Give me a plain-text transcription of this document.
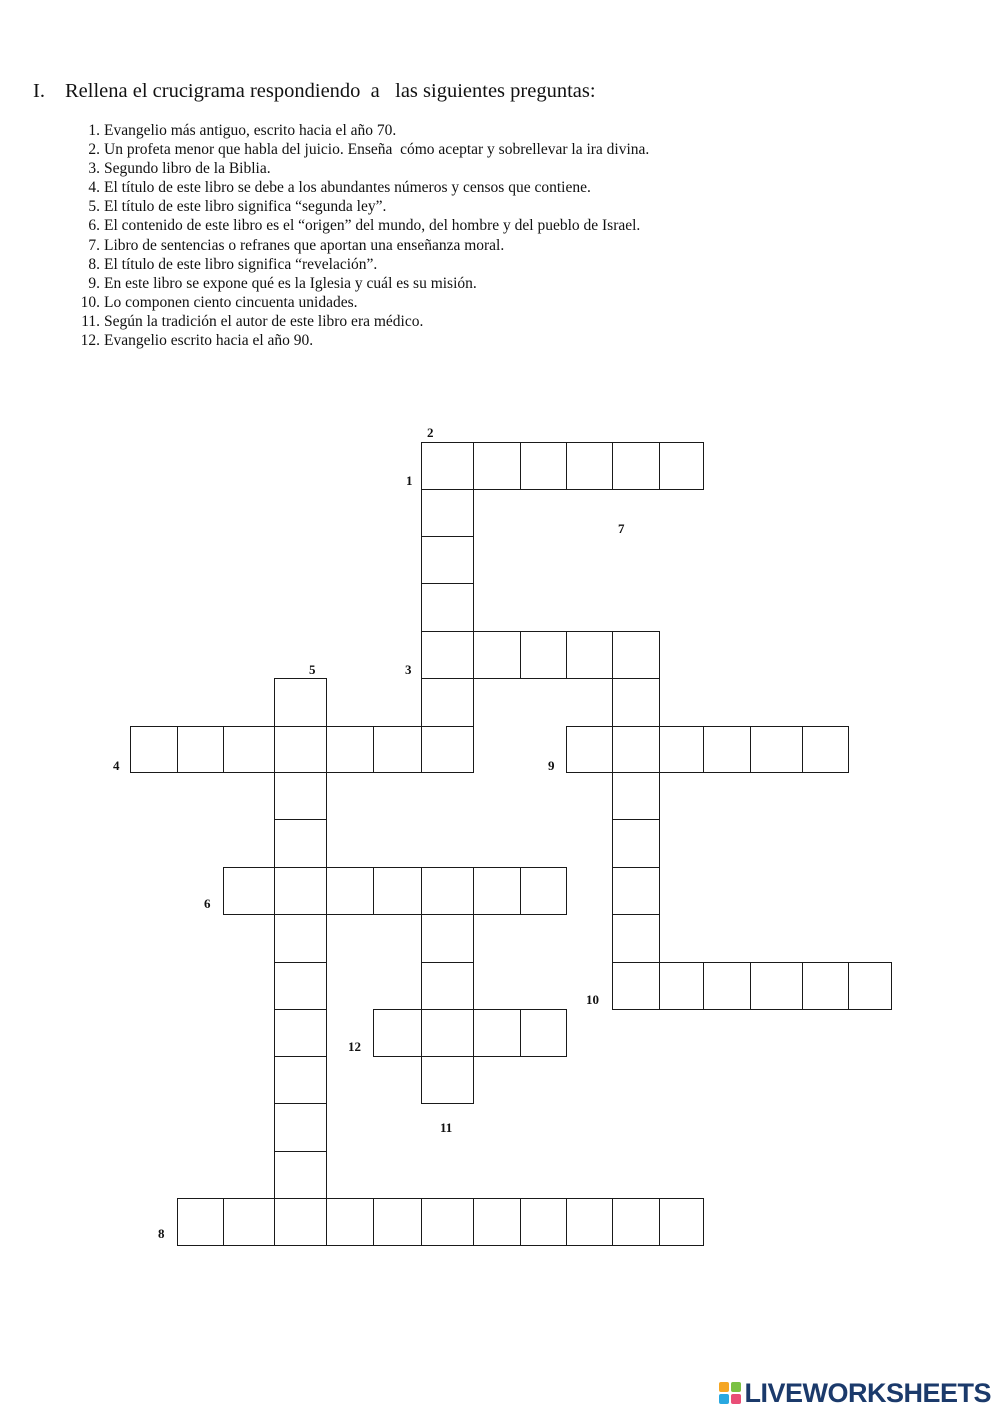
I. Rellena el crucigrama respondiendo  a   las siguientes preguntas:
1. Evangelio más antiguo, escrito hacia el año 70.
2. Un profeta menor que habla del juicio. Enseña  cómo aceptar y sobrellevar la ira divina.
3. Segundo libro de la Biblia.
4. El título de este libro se debe a los abundantes números y censos que contiene.
5. El título de este libro significa “segunda ley”.
6. El contenido de este libro es el “origen” del mundo, del hombre y del pueblo de Israel.
7. Libro de sentencias o refranes que aportan una enseñanza moral.
8. El título de este libro significa “revelación”.
9. En este libro se expone qué es la Iglesia y cuál es su misión.
10. Lo componen ciento cincuenta unidades.
11. Según la tradición el autor de este libro era médico.
12. Evangelio escrito hacia el año 90.
1
2
3
4
5
6
7
8
9
10
11
12
LIVEWORKSHEETS
